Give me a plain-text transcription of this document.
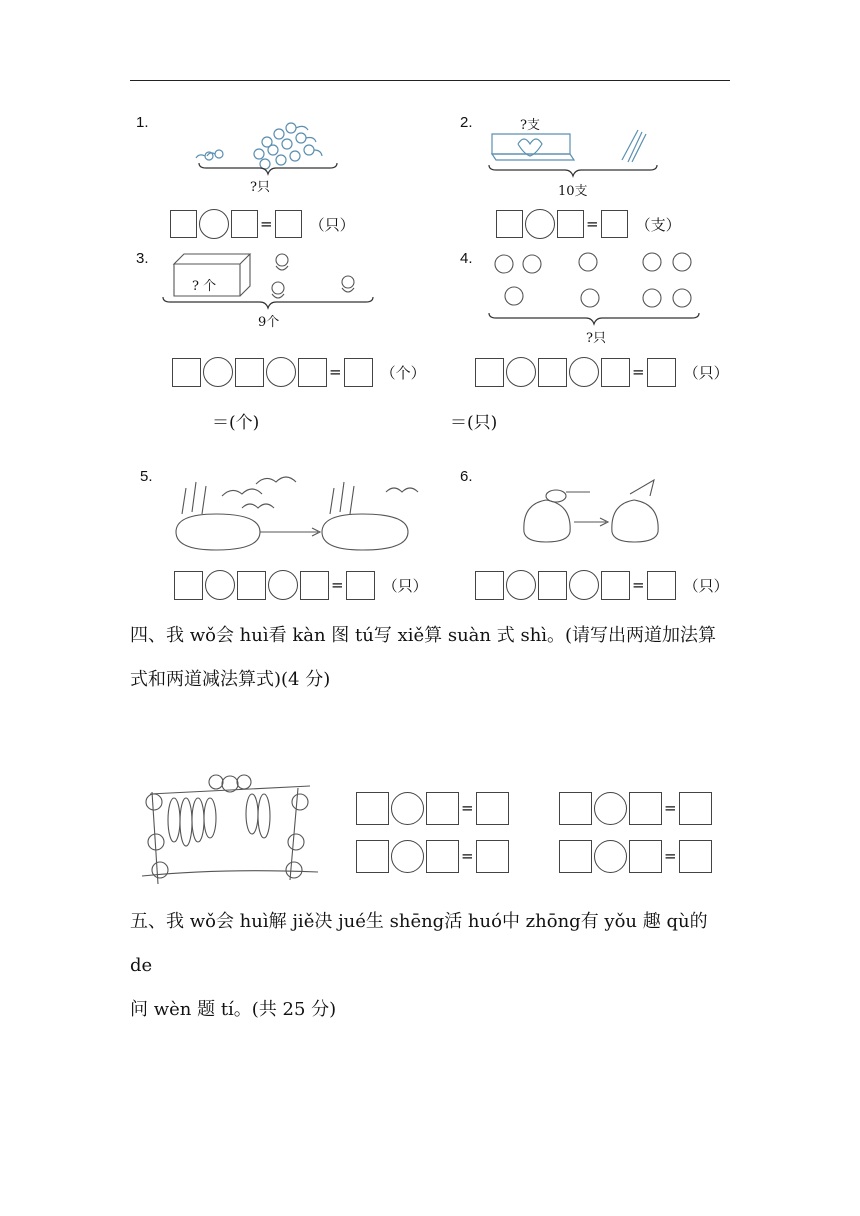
1.
?只
= （只）
2.	?支
10支
= （支）
3.
? 个
9个
=	（个）
＝(个)
4.
?只
=	（只）
＝(只)
5.
=	（只）
6.
=	（只）
四、我 wǒ会 huì看 kàn 图 tú写 xiě算 suàn 式 shì。(请写出两道加法算
式和两道减法算式)(4 分)
=	=
=	=
五、我 wǒ会 huì解 jiě决 jué生 shēng活 huó中 zhōng有 yǒu 趣 qù的 de
问 wèn 题 tí。(共 25 分)
